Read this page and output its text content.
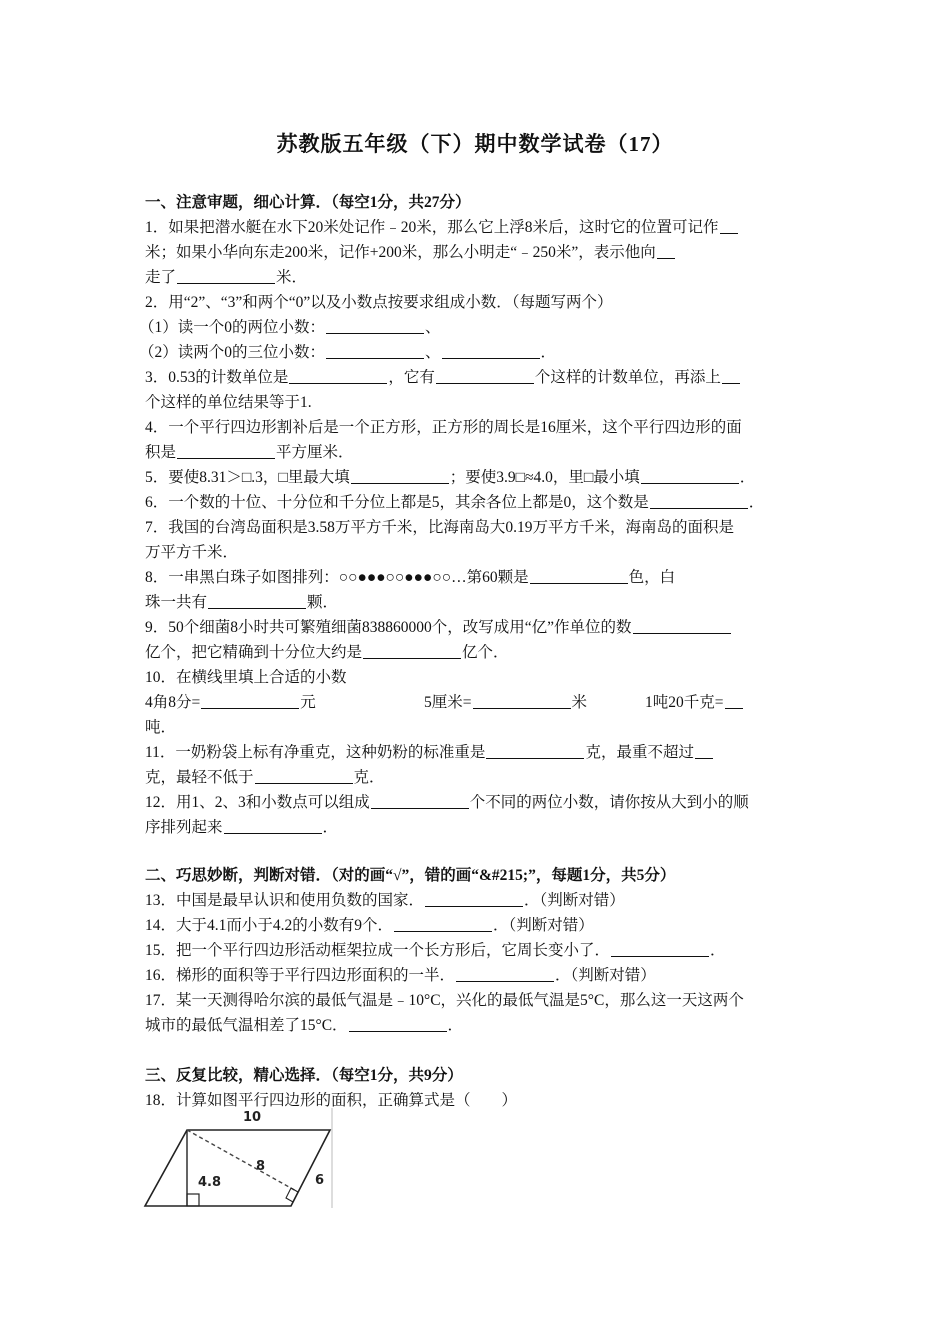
苏教版五年级（下）期中数学试卷（17）
一、注意审题，细心计算．（每空1分，共27分）
1．如果把潜水艇在水下20米处记作﹣20米，那么它上浮8米后，这时它的位置可记作
米；如果小华向东走200米，记作+200米，那么小明走“﹣250米”，表示他向
走了	米．
2．用“2”、“3”和两个“0”以及小数点按要求组成小数．（每题写两个）
（1）读一个0的两位小数：	、
（2）读两个0的三位小数：	、	．
3．0.53的计数单位是	，它有	个这样的计数单位，再添上
个这样的单位结果等于1.
4．一个平行四边形割补后是一个正方形，正方形的周长是16厘米，这个平行四边形的面
积是	平方厘米．
5．要使8.31＞□.3，□里最大填	；要使3.9□≈4.0，里□最小填	．
6．一个数的十位、十分位和千分位上都是5，其余各位上都是0，这个数是	．
7．我国的台湾岛面积是3.58万平方千米，比海南岛大0.19万平方千米，海南岛的面积是
万平方千米．
8．一串黑白珠子如图排列：○○●●●○○●●●○○…第60颗是	色，白
珠一共有	颗．
9．50个细菌8小时共可繁殖细菌838860000个，改写成用“亿”作单位的数
亿个，把它精确到十分位大约是	亿个．
10．在横线里填上合适的小数
4角8分=	元	5厘米=	米	1吨20千克=
吨．
11．一奶粉袋上标有净重克，这种奶粉的标准重是	克，最重不超过
克，最轻不低于	克．
12．用1、2、3和小数点可以组成	个不同的两位小数，请你按从大到小的顺
序排列起来	．
二、巧思妙断，判断对错．（对的画“√”，错的画“&#215;”，每题1分，共5分）
13．中国是最早认识和使用负数的国家．	．（判断对错）
14．大于4.1而小于4.2的小数有9个．	．（判断对错）
15．把一个平行四边形活动框架拉成一个长方形后，它周长变小了．	．
16．梯形的面积等于平行四边形面积的一半．	．（判断对错）
17．某一天测得哈尔滨的最低气温是﹣10°C，兴化的最低气温是5°C，那么这一天这两个
城市的最低气温相差了15°C．	．
三、反复比较，精心选择．（每空1分，共9分）
18．计算如图平行四边形的面积，正确算式是（　　）
10
8
4.8	6
